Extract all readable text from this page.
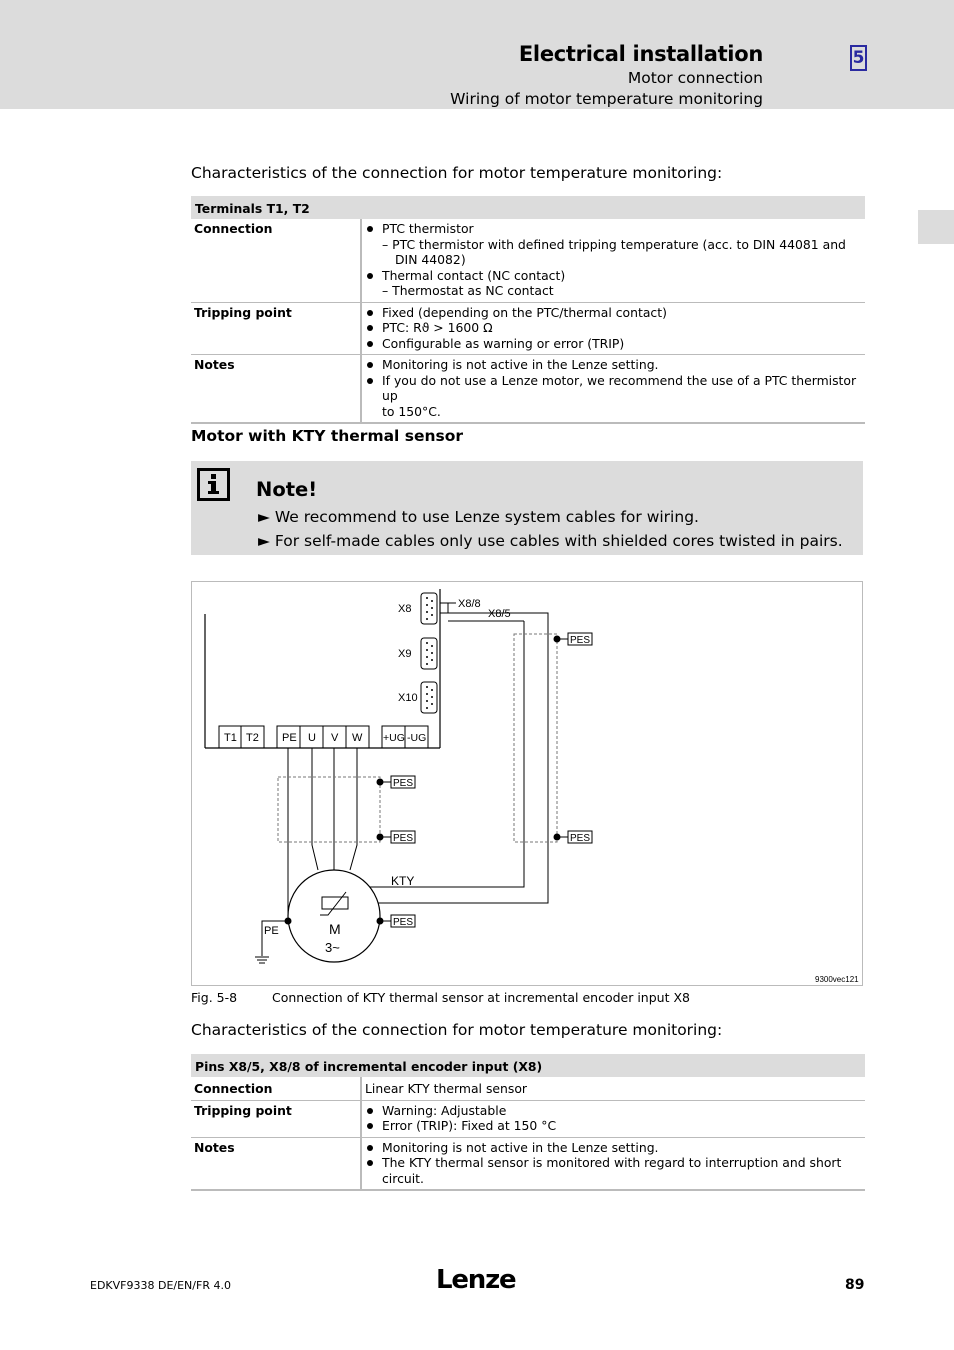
Electrical installation
Motor connection
Wiring of motor temperature monitoring
5
Characteristics of the connection for motor temperature monitoring:
Terminals T1, T2	
Connection	PTC thermistor
– PTC thermistor with defined tripping temperature (acc. to DIN 44081 and
DIN 44082)
Thermal contact (NC contact)
– Thermostat as NC contact

Tripping point	Fixed (depending on the PTC/thermal contact)
PTC: Rϑ > 1600 Ω
Configurable as warning or error (TRIP)

Notes	Monitoring is not active in the Lenze setting.
If you do not use a Lenze motor, we recommend the use of a PTC thermistor up
to 150°C.
Motor with KTY thermal sensor
Note!
► We recommend to use Lenze system cables for wiring.
► For self-made cables only use cables with shielded cores twisted in pairs.
X8
X9
X10
X8/8
X8/5
PES
PES
T1 T2 PE U V W +UG -UG
PES
PES
KTY
M
3~
PES
PE
9300vec121
Fig. 5-8	Connection of KTY thermal sensor at incremental encoder input X8
Characteristics of the connection for motor temperature monitoring:
Pins X8/5, X8/8 of incremental encoder input (X8)	
Connection	Linear KTY thermal sensor
Tripping point	Warning: Adjustable
Error (TRIP): Fixed at 150 °C

Notes	Monitoring is not active in the Lenze setting.
The KTY thermal sensor is monitored with regard to interruption and short
circuit.
EDKVF9338 DE/EN/FR 4.0	Lenze	89
